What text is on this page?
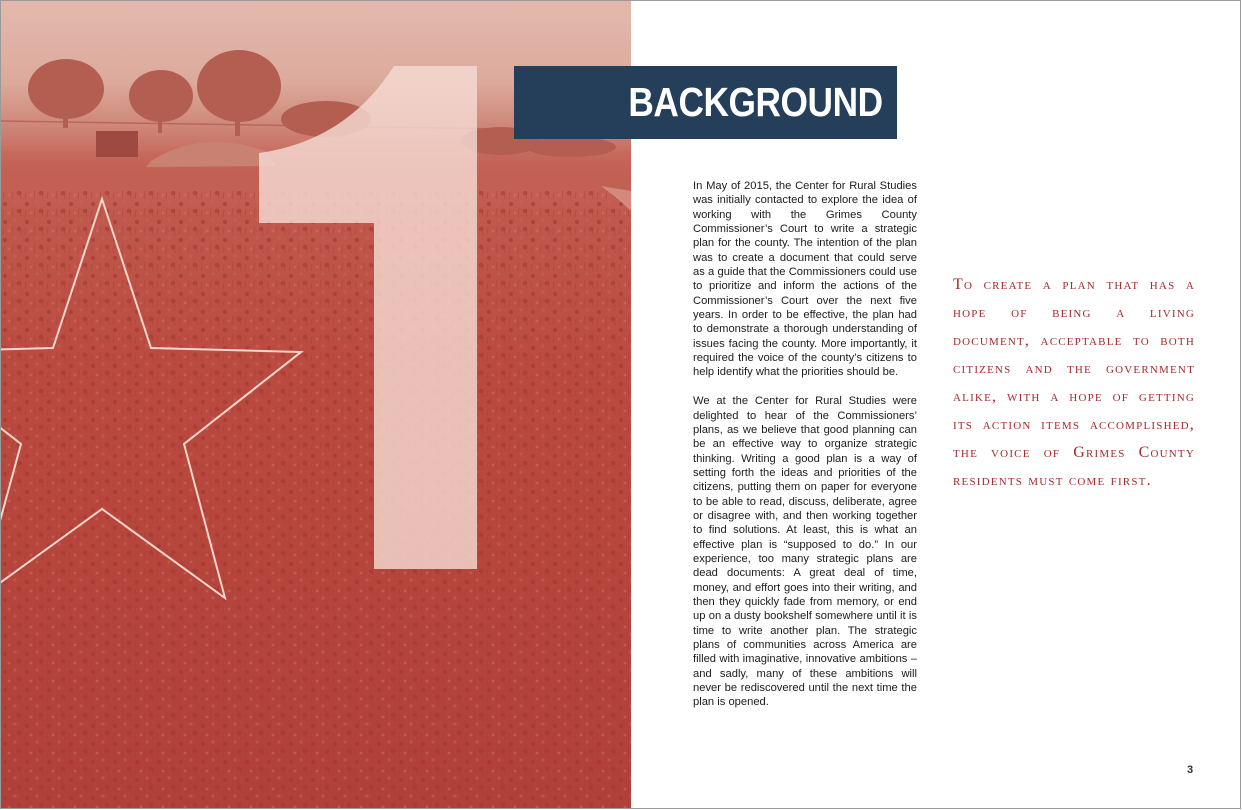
BACKGROUND

In May of 2015, the Center for Rural Studies was initially contacted to explore the idea of working with the Grimes County Commissioner’s Court to write a strategic plan for the county. The intention of the plan was to create a document that could serve as a guide that the Commissioners could use to prioritize and inform the actions of the Commissioner’s Court over the next five years. In order to be effective, the plan had to demonstrate a thorough understanding of issues facing the county. More importantly, it required the voice of the county’s citizens to help identify what the priorities should be.

We at the Center for Rural Studies were delighted to hear of the Commissioners’ plans, as we believe that good planning can be an effective way to organize strategic thinking. Writing a good plan is a way of setting forth the ideas and priorities of the citizens, putting them on paper for everyone to be able to read, discuss, deliberate, agree or disagree with, and then working together to find solutions. At least, this is what an effective plan is “supposed to do.” In our experience, too many strategic plans are dead documents: A great deal of time, money, and effort goes into their writing, and then they quickly fade from memory, or end up on a dusty bookshelf somewhere until it is time to write another plan. The strategic plans of communities across America are filled with imaginative, innovative ambitions – and sadly, many of these ambitions will never be rediscovered until the next time the plan is opened.

To create a plan that has a hope of being a living document, acceptable to both citizens and the government alike, with a hope of getting its action items accomplished, the voice of Grimes County residents must come first.
3
